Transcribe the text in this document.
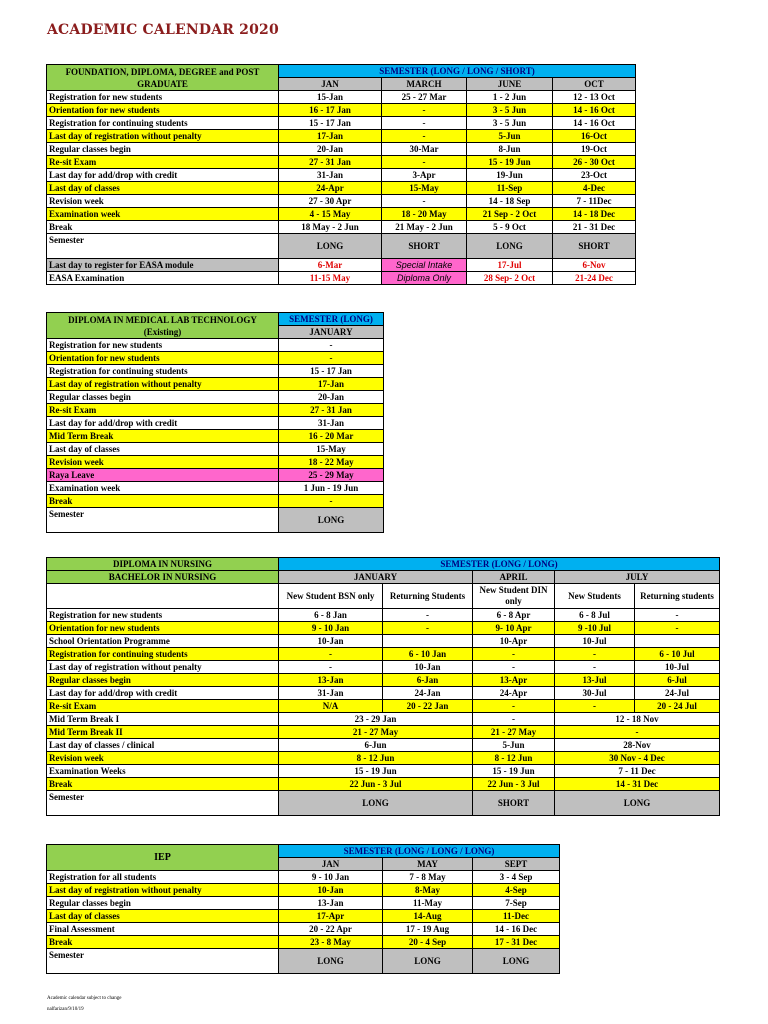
ACADEMIC CALENDAR 2020
FOUNDATION, DIPLOMA, DEGREE and POST GRADUATE	SEMESTER (LONG / LONG / SHORT)			
	JAN	MARCH	JUNE	OCT
Registration for new students	15-Jan	25 - 27 Mar	1 - 2 Jun	12 - 13 Oct
Orientation for new students	16 - 17 Jan	-	3 - 5 Jun	14 - 16 Oct
Registration for continuing students	15 - 17 Jan	-	3 - 5 Jun	14 - 16 Oct
Last day of registration without penalty	17-Jan	-	5-Jun	16-Oct
Regular classes begin	20-Jan	30-Mar	8-Jun	19-Oct
Re-sit Exam	27 - 31 Jan	-	15 - 19 Jun	26 - 30 Oct
Last day for add/drop with credit	31-Jan	3-Apr	19-Jun	23-Oct
Last day of classes	24-Apr	15-May	11-Sep	4-Dec
Revision week	27 - 30 Apr	-	14 - 18 Sep	7 - 11Dec
Examination week	4 - 15 May	18 - 20 May	21 Sep - 2 Oct	14 - 18 Dec
Break	18 May - 2 Jun	21 May - 2 Jun	5 - 9 Oct	21 - 31 Dec
Semester	LONG	SHORT	LONG	SHORT
Last day to register for EASA module	6-Mar	Special Intake	17-Jul	6-Nov
EASA Examination	11-15 May	Diploma Only	28 Sep- 2 Oct	21-24 Dec
DIPLOMA IN MEDICAL LAB TECHNOLOGY (Existing)	SEMESTER (LONG)
	JANUARY
Registration for new students	-
Orientation for new students	-
Registration for continuing students	15 - 17 Jan
Last day of registration without penalty	17-Jan
Regular classes begin	20-Jan
Re-sit Exam	27 - 31 Jan
Last day for add/drop with credit	31-Jan
Mid Term Break	16 - 20 Mar
Last day of classes	15-May
Revision week	18 - 22 May
Raya Leave	25 - 29 May
Examination week	1 Jun - 19 Jun
Break	-
Semester	LONG
DIPLOMA IN NURSING	SEMESTER (LONG / LONG)				
BACHELOR IN NURSING	JANUARY		APRIL	JULY	
	New Student BSN only	Returning Students	New Student DIN only	New Students	Returning students
Registration for new students	6 - 8 Jan	-	6 - 8 Apr	6 - 8 Jul	-
Orientation for new students	9 - 10 Jan	-	9- 10 Apr	9 -10 Jul	-
School Orientation Programme	10-Jan		10-Apr	10-Jul	
Registration for continuing students	-	6 - 10 Jan	-	-	6 - 10 Jul
Last day of registration without penalty	-	10-Jan	-	-	10-Jul
Regular classes begin	13-Jan	6-Jan	13-Apr	13-Jul	6-Jul
Last day for add/drop with credit	31-Jan	24-Jan	24-Apr	30-Jul	24-Jul
Re-sit Exam	N/A	20 - 22 Jan	-	-	20 - 24 Jul
Mid Term Break I	23 - 29 Jan		-	12 - 18 Nov	
Mid Term Break II	21 - 27 May		21 - 27 May	-	
Last day of classes / clinical	6-Jun		5-Jun	28-Nov	
Revision week	8 - 12 Jun		8 - 12 Jun	30 Nov - 4 Dec	
Examination Weeks	15 - 19 Jun		15 - 19 Jun	7 - 11 Dec	
Break	22 Jun - 3 Jul		22 Jun - 3 Jul	14 - 31 Dec	
Semester	LONG		SHORT	LONG	
IEP	SEMESTER (LONG / LONG / LONG)		
	JAN	MAY	SEPT
Registration for all students	9 - 10 Jan	7 - 8 May	3 - 4 Sep
Last day of registration without penalty	10-Jan	8-May	4-Sep
Regular classes begin	13-Jan	11-May	7-Sep
Last day of classes	17-Apr	14-Aug	11-Dec
Final Assessment	20 - 22 Apr	17 - 19 Aug	14 - 16 Dec
Break	23 - 8 May	20 - 4 Sep	17 - 31 Dec
Semester	LONG	LONG	LONG
Academic calendar subject to change
nalfarizan/9/10/19
